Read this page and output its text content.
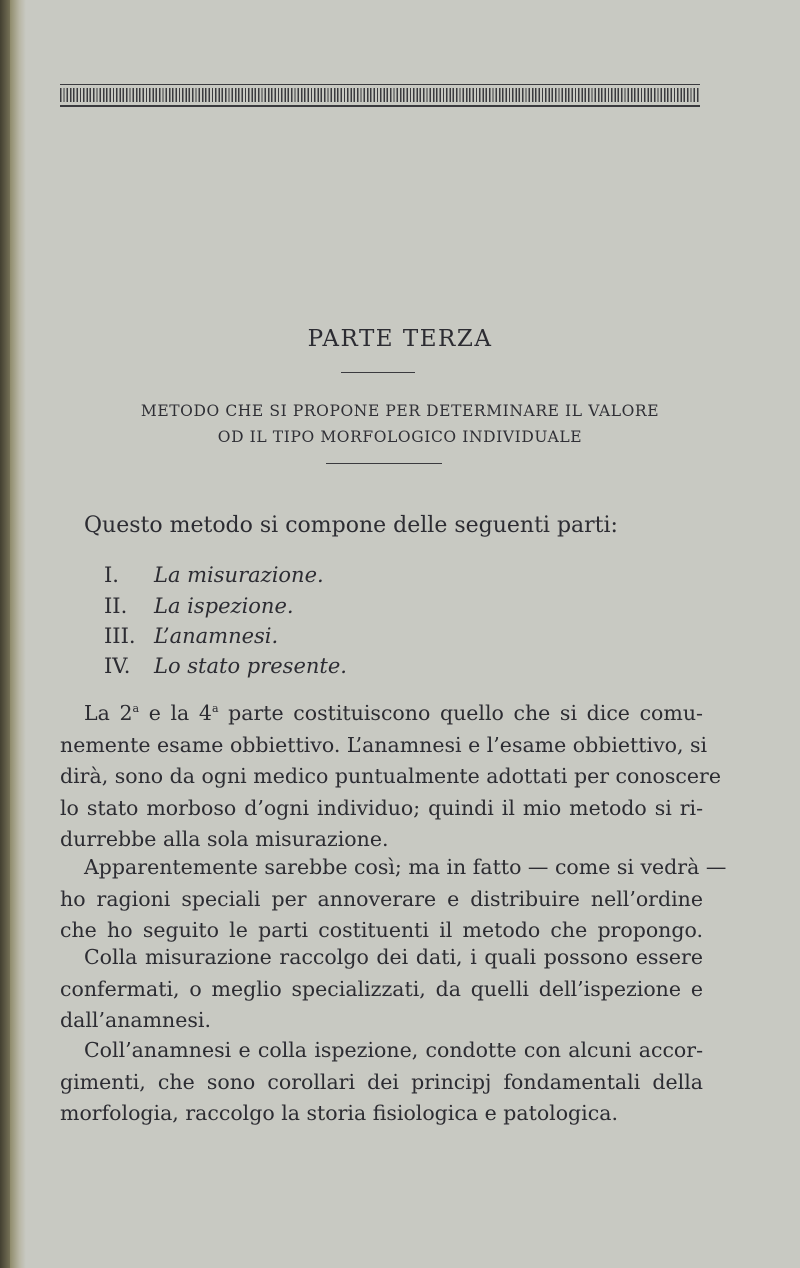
PARTE TERZA
METODO CHE SI PROPONE PER DETERMINARE IL VALORE
OD IL TIPO MORFOLOGICO INDIVIDUALE
Questo metodo si compone delle seguenti parti:
I. La misurazione.
II. La ispezione.
III. L’anamnesi.
IV. Lo stato presente.
La 2$^a$ e la 4$^a$ parte costituiscono quello che si dice comu-
nemente esame obbiettivo. L’anamnesi e l’esame obbiettivo, si
dirà, sono da ogni medico puntualmente adottati per conoscere
lo stato morboso d’ogni individuo; quindi il mio metodo si ri-
durrebbe alla sola misurazione.
Apparentemente sarebbe così; ma in fatto — come si vedrà —
ho ragioni speciali per annoverare e distribuire nell’ordine
che ho seguito le parti costituenti il metodo che propongo.
Colla misurazione raccolgo dei dati, i quali possono essere
confermati, o meglio specializzati, da quelli dell’ispezione e
dall’anamnesi.
Coll’anamnesi e colla ispezione, condotte con alcuni accor-
gimenti, che sono corollari dei principj fondamentali della
morfologia, raccolgo la storia fisiologica e patologica.
